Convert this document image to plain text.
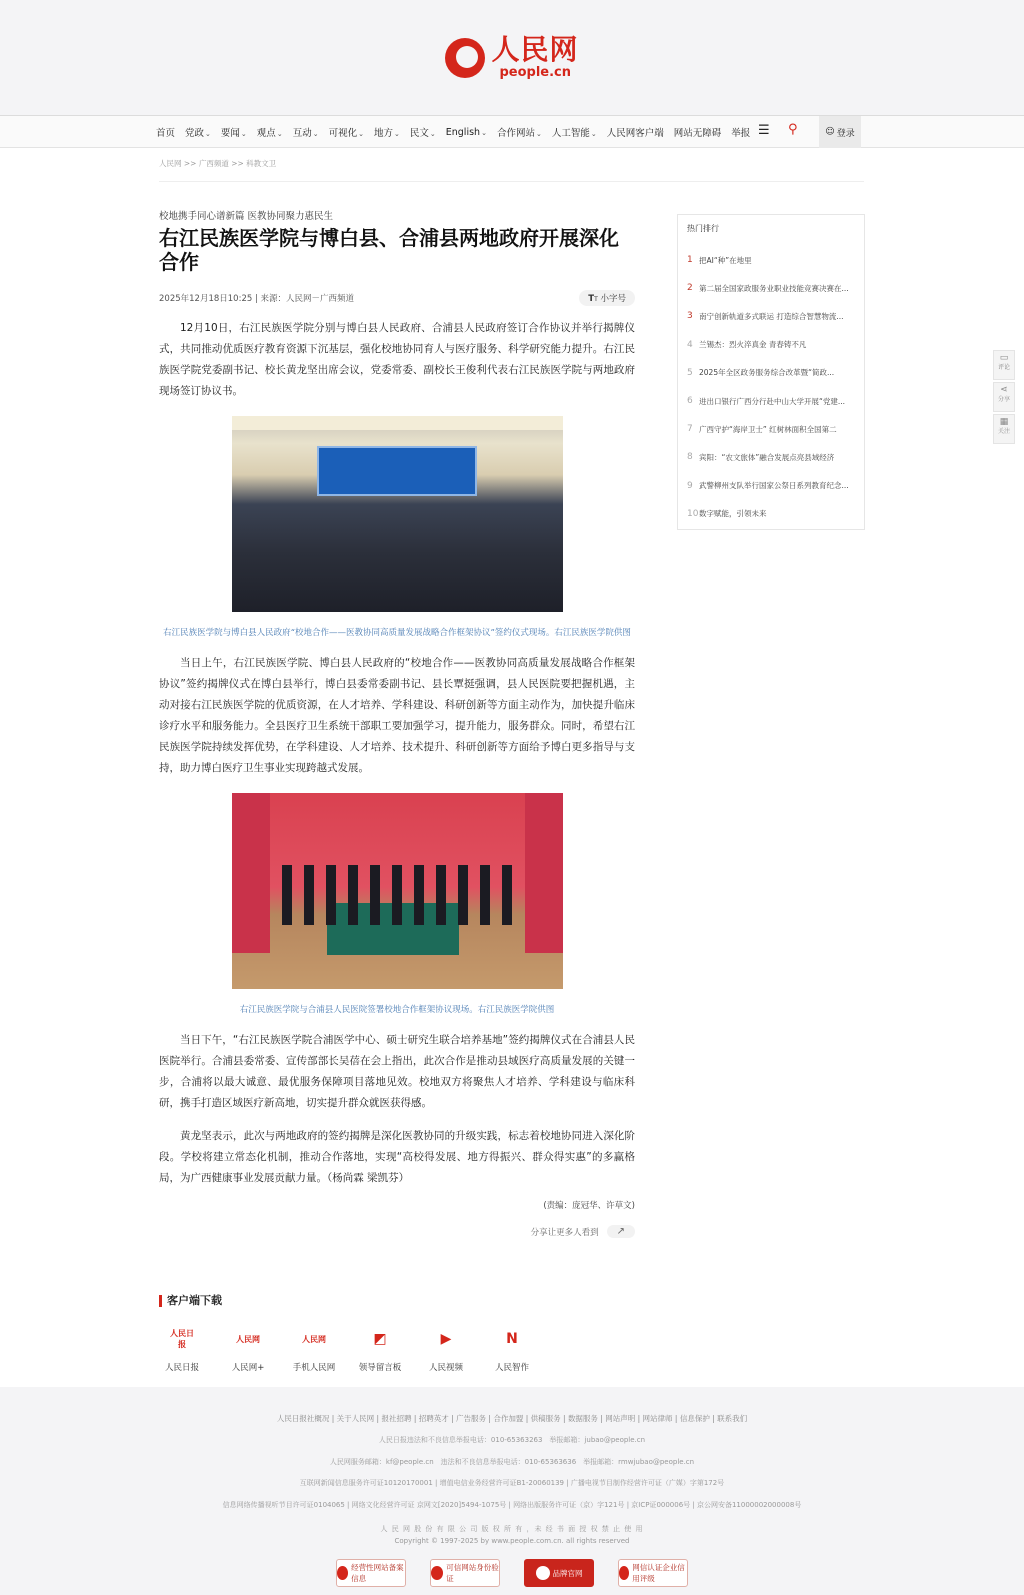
人民网
people.cn
首页 党政⌄ 要闻⌄ 观点⌄ 互动⌄ 可视化⌄ 地方⌄ 民文⌄ English⌄ 合作网站⌄ 人工智能⌄ 人民网客户端 网站无障碍 举报 ☰ ⚲	☺ 登录
人民网 >> 广西频道 >> 科教文卫
校地携手同心谱新篇 医教协同聚力惠民生
右江民族医学院与博白县、合浦县两地政府开展深化合作
2025年12月18日10:25 | 来源：人民网－广西频道	TT 小字号

12月10日，右江民族医学院分别与博白县人民政府、合浦县人民政府签订合作协议并举行揭牌仪式，共同推动优质医疗教育资源下沉基层，强化校地协同育人与医疗服务、科学研究能力提升。右江民族医学院党委副书记、校长黄龙坚出席会议，党委常委、副校长王俊利代表右江民族医学院与两地政府现场签订协议书。

右江民族医学院与博白县人民政府“校地合作——医教协同高质量发展战略合作框架协议”签约仪式现场。右江民族医学院供图

当日上午，右江民族医学院、博白县人民政府的“校地合作——医教协同高质量发展战略合作框架协议”签约揭牌仪式在博白县举行，博白县委常委副书记、县长覃挺强调，县人民医院要把握机遇，主动对接右江民族医学院的优质资源，在人才培养、学科建设、科研创新等方面主动作为，加快提升临床诊疗水平和服务能力。全县医疗卫生系统干部职工要加强学习，提升能力，服务群众。同时，希望右江民族医学院持续发挥优势，在学科建设、人才培养、技术提升、科研创新等方面给予博白更多指导与支持，助力博白医疗卫生事业实现跨越式发展。

右江民族医学院与合浦县人民医院签署校地合作框架协议现场。右江民族医学院供图

当日下午，“右江民族医学院合浦医学中心、硕士研究生联合培养基地”签约揭牌仪式在合浦县人民医院举行。合浦县委常委、宣传部部长吴蓓在会上指出，此次合作是推动县域医疗高质量发展的关键一步，合浦将以最大诚意、最优服务保障项目落地见效。校地双方将聚焦人才培养、学科建设与临床科研，携手打造区域医疗新高地，切实提升群众就医获得感。

黄龙坚表示，此次与两地政府的签约揭牌是深化医教协同的升级实践，标志着校地协同进入深化阶段。学校将建立常态化机制，推动合作落地，实现“高校得发展、地方得振兴、群众得实惠”的多赢格局，为广西健康事业发展贡献力量。（杨尚霖 梁凯芬）

(责编：庞冠华、许草文)
分享让更多人看到	↗
客户端下载
人民日报
人民日报
人民网
人民网+
人民网
手机人民网
◩
领导留言板
▶
人民视频
N
人民智作
热门排行
1 把AI“种”在地里
2 第二届全国家政服务业职业技能竞赛决赛在...
3 南宁创新轨道多式联运 打造综合智慧物流...
4 兰锡杰：烈火淬真金 青春铸不凡
5 2025年全区政务服务综合改革暨“简政...
6 进出口银行广西分行赴中山大学开展“党建...
7 广西守护“海岸卫士” 红树林面积全国第二
8 宾阳：“农文旅体”融合发展点亮县域经济
9 武警柳州支队举行国家公祭日系列教育纪念...
10 数字赋能，引领未来
▭
评论
⋖
分享
▦
关注
人民日报社概况 | 关于人民网 | 报社招聘 | 招聘英才 | 广告服务 | 合作加盟 | 供稿服务 | 数据服务 | 网站声明 | 网站律师 | 信息保护 | 联系我们
人民日报违法和不良信息举报电话：010-65363263　举报邮箱：jubao@people.cn
人民网服务邮箱：kf@people.cn　违法和不良信息举报电话：010-65363636　举报邮箱：rmwjubao@people.cn
互联网新闻信息服务许可证10120170001 | 增值电信业务经营许可证B1-20060139 | 广播电视节目制作经营许可证（广媒）字第172号
信息网络传播视听节目许可证0104065 | 网络文化经营许可证 京网文[2020]5494-1075号 | 网络出版服务许可证（京）字121号 | 京ICP证000006号 | 京公网安备11000002000008号
人 民 网 股 份 有 限 公 司 版 权 所 有 ，未 经 书 面 授 权 禁 止 使 用
Copyright © 1997-2025 by www.people.com.cn. all rights reserved
经营性网站备案信息
可信网站身份验证
品牌官网
网信认证企业信用评级
